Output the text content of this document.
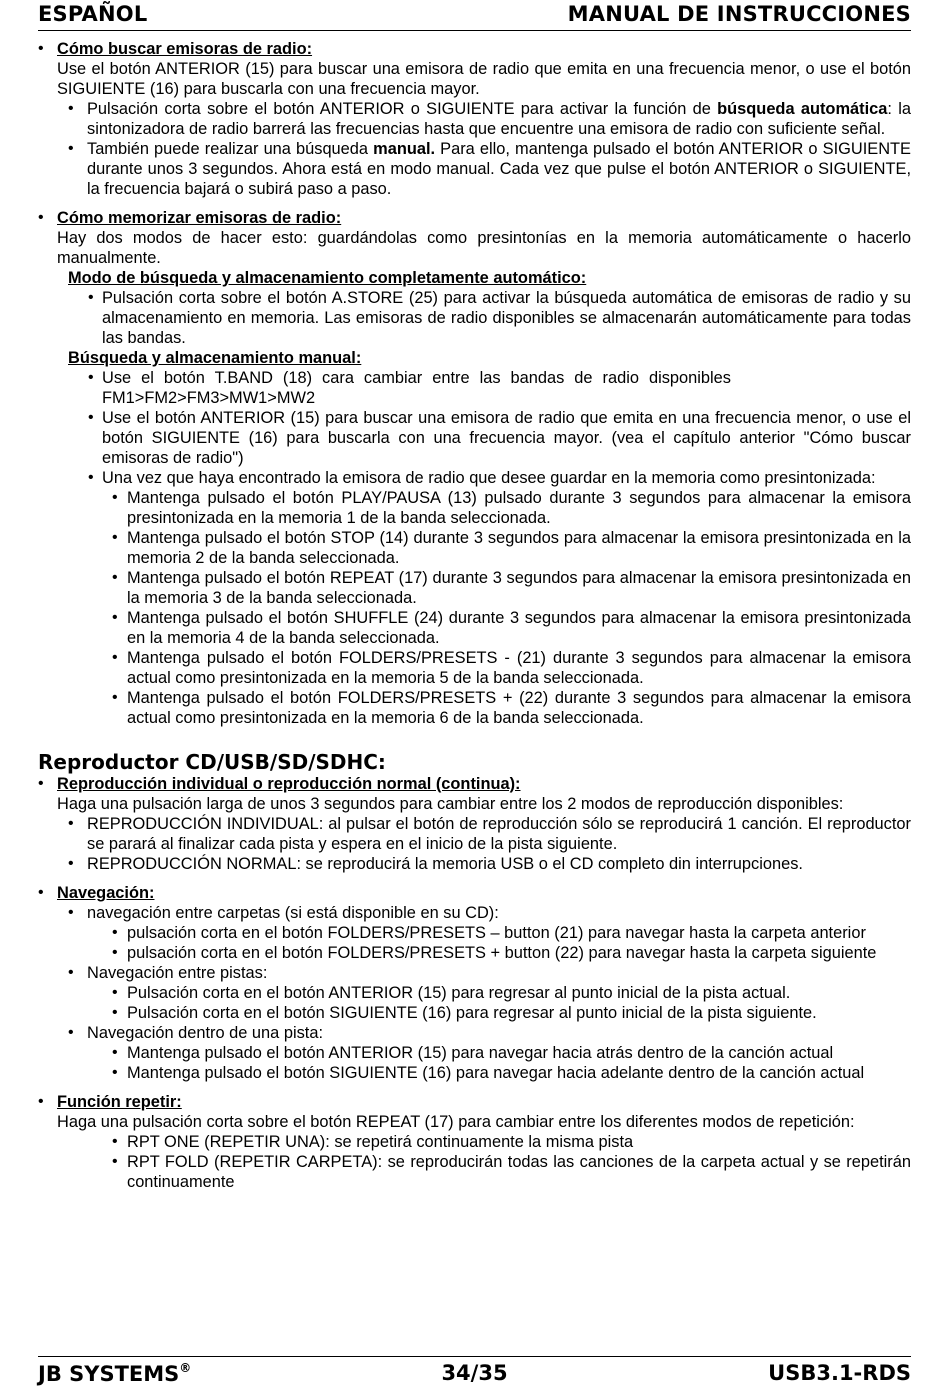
ESPAÑOL	MANUAL DE INSTRUCCIONES
• Cómo buscar emisoras de radio:
Use el botón ANTERIOR (15) para buscar una emisora de radio que emita en una frecuencia menor, o use el botón SIGUIENTE (16) para buscarla con una frecuencia mayor.
• Pulsación corta sobre el botón ANTERIOR o SIGUIENTE para activar la función de búsqueda automática: la sintonizadora de radio barrerá las frecuencias hasta que encuentre una emisora de radio con suficiente señal.
• También puede realizar una búsqueda manual. Para ello, mantenga pulsado el botón ANTERIOR o SIGUIENTE durante unos 3 segundos. Ahora está en modo manual. Cada vez que pulse el botón ANTERIOR o SIGUIENTE, la frecuencia bajará o subirá paso a paso.
• Cómo memorizar emisoras de radio:
Hay dos modos de hacer esto: guardándolas como presintonías en la memoria automáticamente o hacerlo manualmente.
Modo de búsqueda y almacenamiento completamente automático:
• Pulsación corta sobre el botón A.STORE (25) para activar la búsqueda automática de emisoras de radio y su almacenamiento en memoria. Las emisoras de radio disponibles se almacenarán automáticamente para todas las bandas.
Búsqueda y almacenamiento manual:
• Use el botón T.BAND (18) cara cambiar entre las bandas de radio disponibles FM1>FM2>FM3>MW1>MW2
• Use el botón ANTERIOR (15) para buscar una emisora de radio que emita en una frecuencia menor, o use el botón SIGUIENTE (16) para buscarla con una frecuencia mayor. (vea el capítulo anterior "Cómo buscar emisoras de radio")
• Una vez que haya encontrado la emisora de radio que desee guardar en la memoria como presintonizada:
• Mantenga pulsado el botón PLAY/PAUSA (13) pulsado durante 3 segundos para almacenar la emisora presintonizada en la memoria 1 de la banda seleccionada.
• Mantenga pulsado el botón STOP (14) durante 3 segundos para almacenar la emisora presintonizada en la memoria 2 de la banda seleccionada.
• Mantenga pulsado el botón REPEAT (17) durante 3 segundos para almacenar la emisora presintonizada en la memoria 3 de la banda seleccionada.
• Mantenga pulsado el botón SHUFFLE (24) durante 3 segundos para almacenar la emisora presintonizada en la memoria 4 de la banda seleccionada.
• Mantenga pulsado el botón FOLDERS/PRESETS - (21) durante 3 segundos para almacenar la emisora actual como presintonizada en la memoria 5 de la banda seleccionada.
• Mantenga pulsado el botón FOLDERS/PRESETS + (22) durante 3 segundos para almacenar la emisora actual como presintonizada en la memoria 6 de la banda seleccionada.
Reproductor CD/USB/SD/SDHC:
• Reproducción individual o reproducción normal (continua):
Haga una pulsación larga de unos 3 segundos para cambiar entre los 2 modos de reproducción disponibles:
• REPRODUCCIÓN INDIVIDUAL: al pulsar el botón de reproducción sólo se reproducirá 1 canción. El reproductor se parará al finalizar cada pista y espera en el inicio de la pista siguiente.
• REPRODUCCIÓN NORMAL: se reproducirá la memoria USB o el CD completo din interrupciones.
• Navegación:
• navegación entre carpetas (si está disponible en su CD):
• pulsación corta en el botón FOLDERS/PRESETS – button (21) para navegar hasta la carpeta anterior
• pulsación corta en el botón FOLDERS/PRESETS + button (22) para navegar hasta la carpeta siguiente
• Navegación entre pistas:
• Pulsación corta en el botón ANTERIOR (15) para regresar al punto inicial de la pista actual.
• Pulsación corta en el botón SIGUIENTE (16) para regresar al punto inicial de la pista siguiente.
• Navegación dentro de una pista:
• Mantenga pulsado el botón ANTERIOR (15) para navegar hacia atrás dentro de la canción actual
• Mantenga pulsado el botón SIGUIENTE (16) para navegar hacia adelante dentro de la canción actual
• Función repetir:
Haga una pulsación corta sobre el botón REPEAT (17) para cambiar entre los diferentes modos de repetición:
• RPT ONE (REPETIR UNA): se repetirá continuamente la misma pista
• RPT FOLD (REPETIR CARPETA): se reproducirán todas las canciones de la carpeta actual y se repetirán continuamente
JB SYSTEMS®	34/35	USB3.1-RDS
